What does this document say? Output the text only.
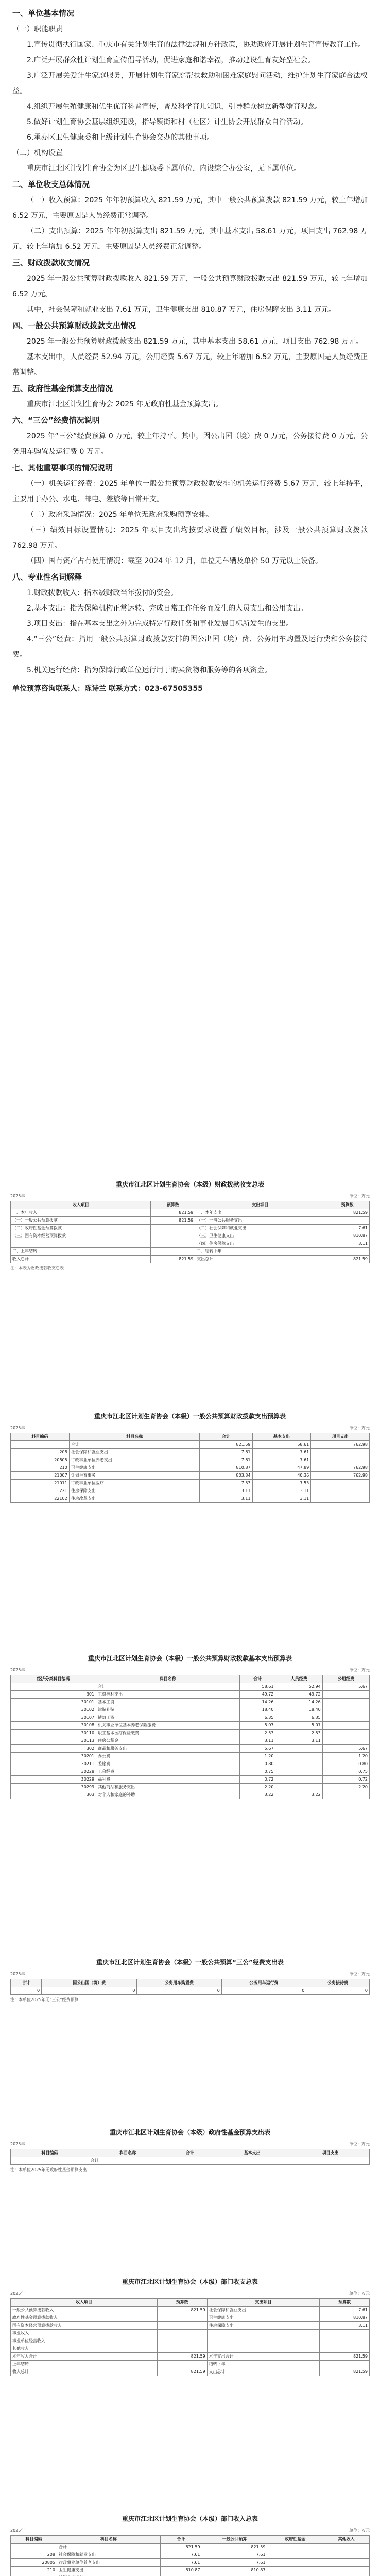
一、单位基本情况
（一）职能职责

1.宣传贯彻执行国家、重庆市有关计划生育的法律法规和方针政策，协助政府开展计划生育宣传教育工作。

2.广泛开展群众性计划生育宣传倡导活动，促进家庭和谐幸福，推动建设生育友好型社会。

3.广泛开展关爱计生家庭服务，开展计划生育家庭帮扶救助和困难家庭慰问活动，维护计划生育家庭合法权益。

4.组织开展生殖健康和优生优育科普宣传，普及科学育儿知识，引导群众树立新型婚育观念。

5.做好计划生育协会基层组织建设，指导镇街和村（社区）计生协会开展群众自治活动。

6.承办区卫生健康委和上级计划生育协会交办的其他事项。

（二）机构设置

重庆市江北区计划生育协会为区卫生健康委下属单位，内设综合办公室，无下属单位。

二、单位收支总体情况

（一）收入预算：2025 年年初预算收入 821.59 万元，其中一般公共预算拨款 821.59 万元，较上年增加 6.52 万元，主要原因是人员经费正常调整。

（二）支出预算：2025 年年初预算支出 821.59 万元，其中基本支出 58.61 万元，项目支出 762.98 万元，较上年增加 6.52 万元，主要原因是人员经费正常调整。

三、财政拨款收支情况

2025 年一般公共预算财政拨款收入 821.59 万元，一般公共预算财政拨款支出 821.59 万元，较上年增加 6.52 万元。

其中，社会保障和就业支出 7.61 万元，卫生健康支出 810.87 万元，住房保障支出 3.11 万元。

四、一般公共预算财政拨款支出情况

2025 年一般公共预算财政拨款支出 821.59 万元，其中基本支出 58.61 万元，项目支出 762.98 万元。

基本支出中，人员经费 52.94 万元，公用经费 5.67 万元，较上年增加 6.52 万元，主要原因是人员经费正常调整。

五、政府性基金预算支出情况

重庆市江北区计划生育协会 2025 年无政府性基金预算支出。

六、“三公”经费情况说明

2025 年“三公”经费预算 0 万元，较上年持平。其中，因公出国（境）费 0 万元，公务接待费 0 万元，公务用车购置及运行费 0 万元。

七、其他重要事项的情况说明

（一）机关运行经费：2025 年单位一般公共预算财政拨款安排的机关运行经费 5.67 万元，较上年持平，主要用于办公、水电、邮电、差旅等日常开支。

（二）政府采购情况：2025 年单位无政府采购预算安排。

（三）绩效目标设置情况：2025 年项目支出均按要求设置了绩效目标，涉及一般公共预算财政拨款 762.98 万元。

（四）国有资产占有使用情况：截至 2024 年 12 月，单位无车辆及单价 50 万元以上设备。

八、专业性名词解释

1.财政拨款收入：指本级财政当年拨付的资金。

2.基本支出：指为保障机构正常运转、完成日常工作任务而发生的人员支出和公用支出。

3.项目支出：指在基本支出之外为完成特定行政任务和事业发展目标所发生的支出。

4.“三公”经费：指用一般公共预算财政拨款安排的因公出国（境）费、公务用车购置及运行费和公务接待费。

5.机关运行经费：指为保障行政单位运行用于购买货物和服务等的各项资金。

单位预算咨询联系人：陈诗兰 联系方式：023-67505355

重庆市江北区计划生育协会（本级）财政拨款收支总表
2025年	单位：万元
收入项目	预算数	支出项目	预算数
一、本年收入	821.59	一、本年支出	821.59
（一）一般公共预算拨款	821.59	（一）一般公共服务支出	
（二）政府性基金预算拨款		（二）社会保障和就业支出	7.61
（三）国有资本经营预算拨款		（三）卫生健康支出	810.87
		（四）住房保障支出	3.11
二、上年结转		二、结转下年	
收入总计	821.59	支出总计	821.59
注：本表为财政拨款收支总表
重庆市江北区计划生育协会（本级）一般公共预算财政拨款支出预算表
2025年	单位：万元
科目编码	科目名称	合计	基本支出	项目支出
	合计	821.59	58.61	762.98
208	社会保障和就业支出	7.61	7.61	
20805	行政事业单位养老支出	7.61	7.61	
210	卫生健康支出	810.87	47.89	762.98
21007	计划生育事务	803.34	40.36	762.98
21011	行政事业单位医疗	7.53	7.53	
221	住房保障支出	3.11	3.11	
22102	住房改革支出	3.11	3.11	
重庆市江北区计划生育协会（本级）一般公共预算财政拨款基本支出预算表
2025年	单位：万元
经济分类科目编码	科目名称	合计	人员经费	公用经费
	合计	58.61	52.94	5.67
301	工资福利支出	49.72	49.72	
30101	基本工资	14.26	14.26	
30102	津贴补贴	18.40	18.40	
30107	绩效工资	6.35	6.35	
30108	机关事业单位基本养老保险缴费	5.07	5.07	
30110	职工基本医疗保险缴费	2.53	2.53	
30113	住房公积金	3.11	3.11	
302	商品和服务支出	5.67		5.67
30201	办公费	1.20		1.20
30211	差旅费	0.80		0.80
30228	工会经费	0.75		0.75
30229	福利费	0.72		0.72
30299	其他商品和服务支出	2.20		2.20
303	对个人和家庭的补助	3.22	3.22	
重庆市江北区计划生育协会（本级）一般公共预算“三公”经费支出表
2025年	单位：万元
合计	因公出国（境）费	公务用车购置费	公务用车运行费	公务接待费
0	0	0	0	0
注：本单位2025年无“三公”经费预算
重庆市江北区计划生育协会（本级）政府性基金预算支出表
2025年	单位：万元
科目编码	科目名称	合计	基本支出	项目支出
	合计			
注：本单位2025年无政府性基金预算支出
重庆市江北区计划生育协会（本级）部门收支总表
2025年	单位：万元
收入项目	预算数	支出项目	预算数
一般公共预算拨款收入	821.59	社会保障和就业支出	7.61
政府性基金预算拨款收入		卫生健康支出	810.87
国有资本经营预算拨款收入		住房保障支出	3.11
事业收入			
事业单位经营收入			
其他收入			
本年收入合计	821.59	本年支出合计	821.59
上年结转		结转下年	
收入总计	821.59	支出总计	821.59
重庆市江北区计划生育协会（本级）部门收入总表
2025年	单位：万元
科目编码	科目名称	合计	一般公共预算	政府性基金	其他收入
	合计	821.59	821.59		
208	社会保障和就业支出	7.61	7.61		
20805	行政事业单位养老支出	7.61	7.61		
210	卫生健康支出	810.87	810.87		
